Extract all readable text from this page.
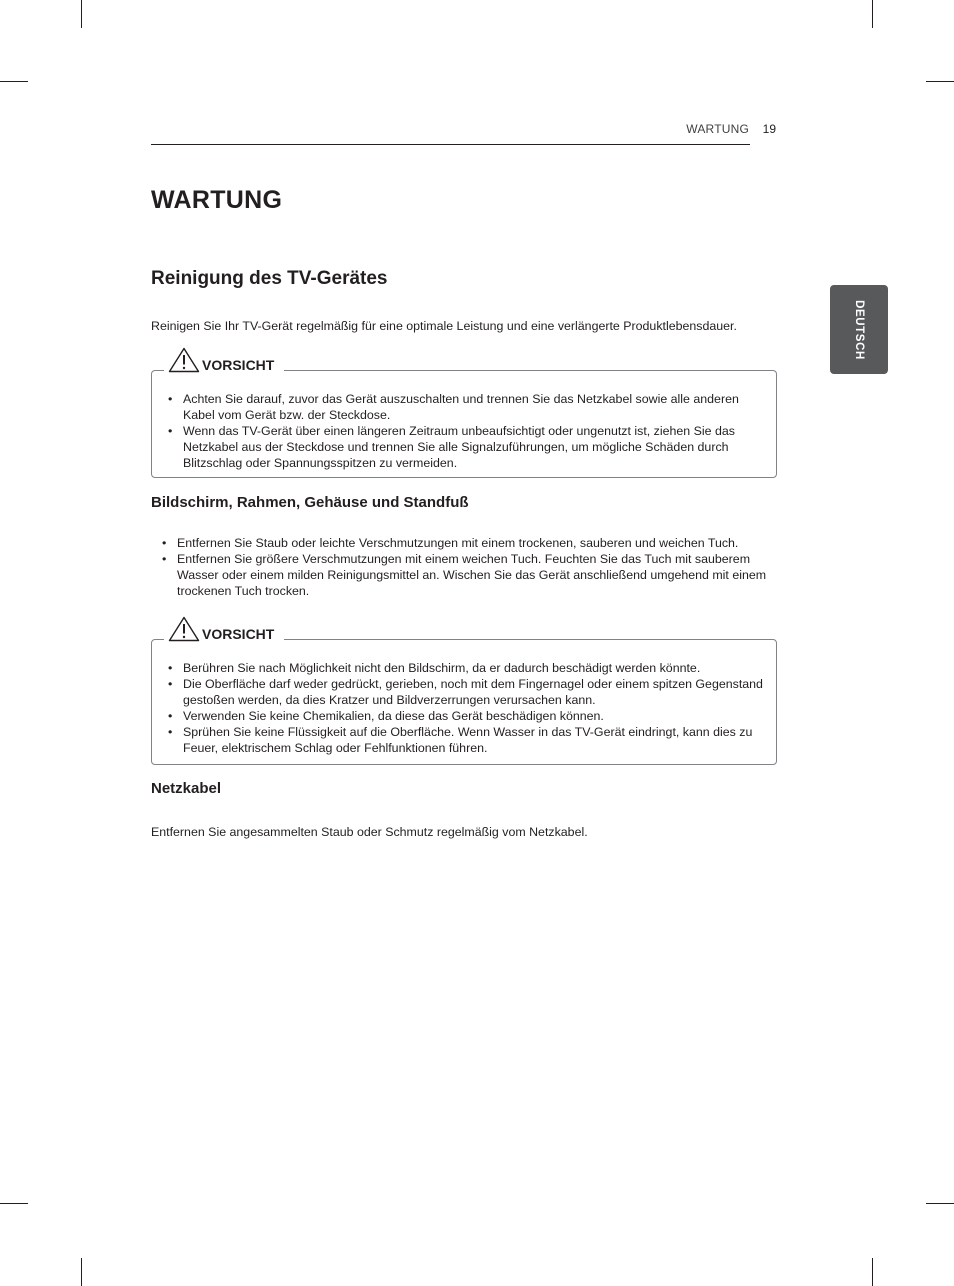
WARTUNG 19
DEUTSCH
WARTUNG
Reinigung des TV-Gerätes

Reinigen Sie Ihr TV-Gerät regelmäßig für eine optimale Leistung und eine verlängerte Produktlebensdauer.

VORSICHT
• Achten Sie darauf, zuvor das Gerät auszuschalten und trennen Sie das Netzkabel sowie alle anderen Kabel vom Gerät bzw. der Steckdose.
• Wenn das TV-Gerät über einen längeren Zeitraum unbeaufsichtigt oder ungenutzt ist, ziehen Sie das Netzkabel aus der Steckdose und trennen Sie alle Signalzuführungen, um mögliche Schäden durch Blitzschlag oder Spannungsspitzen zu vermeiden.
Bildschirm, Rahmen, Gehäuse und Standfuß
• Entfernen Sie Staub oder leichte Verschmutzungen mit einem trockenen, sauberen und weichen Tuch.
• Entfernen Sie größere Verschmutzungen mit einem weichen Tuch. Feuchten Sie das Tuch mit sauberem Wasser oder einem milden Reinigungsmittel an. Wischen Sie das Gerät anschließend umgehend mit einem trockenen Tuch trocken.
VORSICHT
• Berühren Sie nach Möglichkeit nicht den Bildschirm, da er dadurch beschädigt werden könnte.
• Die Oberfläche darf weder gedrückt, gerieben, noch mit dem Fingernagel oder einem spitzen Gegenstand gestoßen werden, da dies Kratzer und Bildverzerrungen verursachen kann.
• Verwenden Sie keine Chemikalien, da diese das Gerät beschädigen können.
• Sprühen Sie keine Flüssigkeit auf die Oberfläche. Wenn Wasser in das TV-Gerät eindringt, kann dies zu Feuer, elektrischem Schlag oder Fehlfunktionen führen.
Netzkabel

Entfernen Sie angesammelten Staub oder Schmutz regelmäßig vom Netzkabel.
